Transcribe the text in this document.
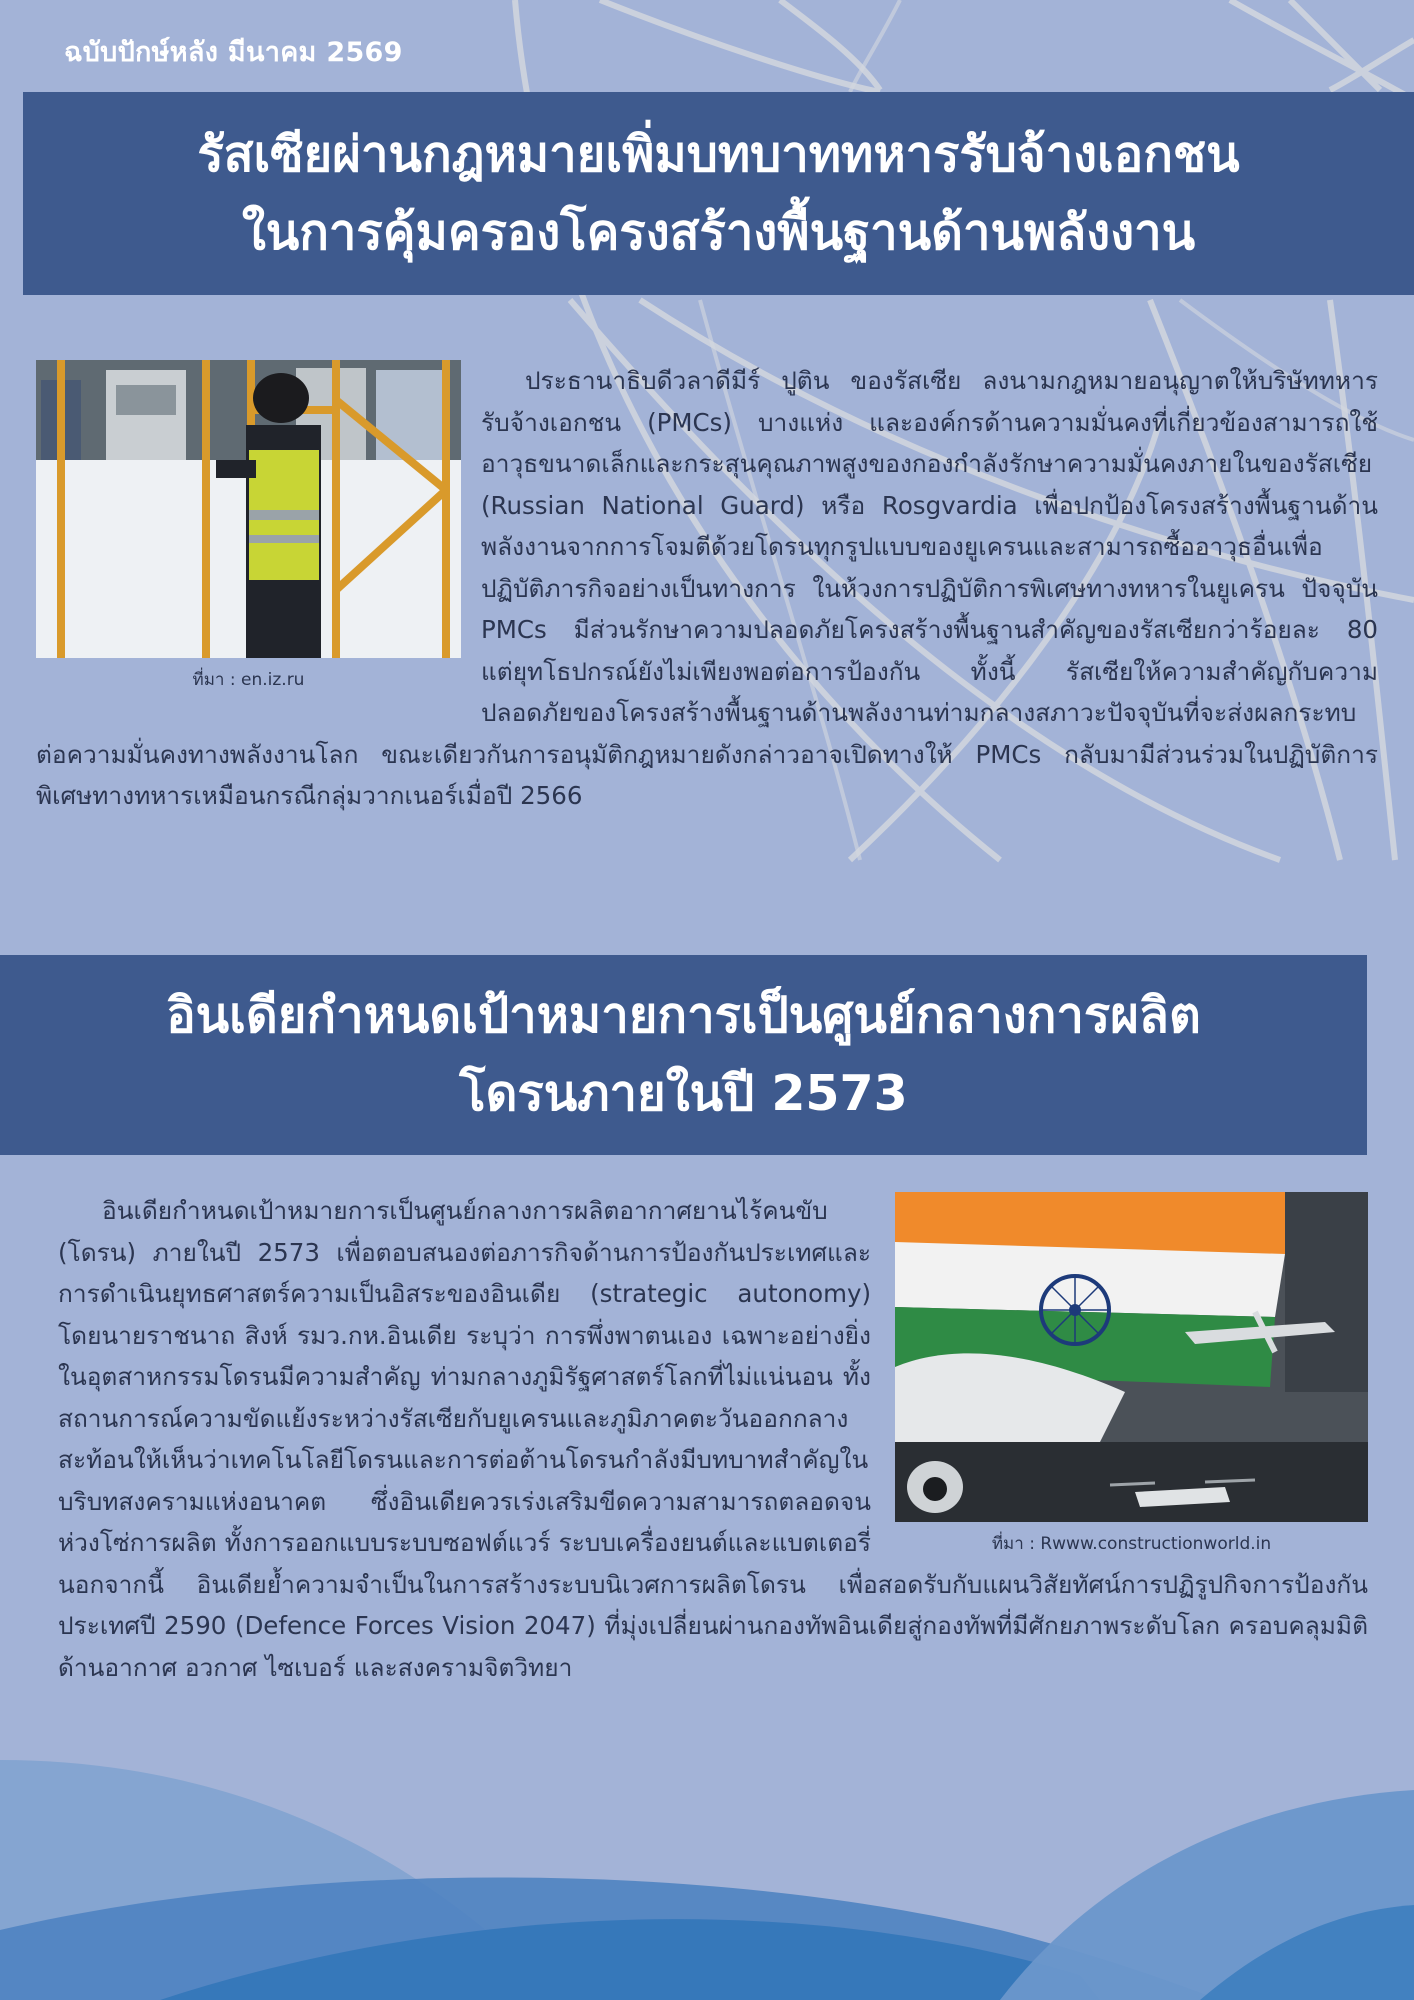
ฉบับปักษ์หลัง มีนาคม 2569
รัสเซียผ่านกฎหมายเพิ่มบทบาททหารรับจ้างเอกชน
ในการคุ้มครองโครงสร้างพื้นฐานด้านพลังงาน
ที่มา : en.iz.ru

ประธานาธิบดีวลาดีมีร์ ปูติน ของรัสเซีย ลงนามกฎหมายอนุญาตให้บริษัททหารรับจ้างเอกชน (PMCs) บางแห่ง และองค์กรด้านความมั่นคงที่เกี่ยวข้องสามารถใช้อาวุธขนาดเล็กและกระสุนคุณภาพสูงของกองกำลังรักษาความมั่นคงภายในของรัสเซีย (Russian National Guard) หรือ Rosgvardia เพื่อปกป้องโครงสร้างพื้นฐานด้านพลังงานจากการโจมตีด้วยโดรนทุกรูปแบบของยูเครนและสามารถซื้ออาวุธอื่นเพื่อปฏิบัติภารกิจอย่างเป็นทางการ ในห้วงการปฏิบัติการพิเศษทางทหารในยูเครน ปัจจุบัน PMCs มีส่วนรักษาความปลอดภัยโครงสร้างพื้นฐานสำคัญของรัสเซียกว่าร้อยละ 80 แต่ยุทโธปกรณ์ยังไม่เพียงพอต่อการป้องกัน ทั้งนี้ รัสเซียให้ความสำคัญกับความปลอดภัยของโครงสร้างพื้นฐานด้านพลังงานท่ามกลางสภาวะปัจจุบันที่จะส่งผลกระทบต่อความมั่นคงทางพลังงานโลก ขณะเดียวกันการอนุมัติกฎหมายดังกล่าวอาจเปิดทางให้ PMCs กลับมามีส่วนร่วมในปฏิบัติการพิเศษทางทหารเหมือนกรณีกลุ่มวากเนอร์เมื่อปี 2566

อินเดียกำหนดเป้าหมายการเป็นศูนย์กลางการผลิต
โดรนภายในปี 2573
ที่มา : Rwww.constructionworld.in

อินเดียกำหนดเป้าหมายการเป็นศูนย์กลางการผลิตอากาศยานไร้คนขับ (โดรน) ภายในปี 2573 เพื่อตอบสนองต่อภารกิจด้านการป้องกันประเทศและการดำเนินยุทธศาสตร์ความเป็นอิสระของอินเดีย (strategic autonomy) โดยนายราชนาถ สิงห์ รมว.กห.อินเดีย ระบุว่า การพึ่งพาตนเอง เฉพาะอย่างยิ่งในอุตสาหกรรมโดรนมีความสำคัญ ท่ามกลางภูมิรัฐศาสตร์โลกที่ไม่แน่นอน ทั้งสถานการณ์ความขัดแย้งระหว่างรัสเซียกับยูเครนและภูมิภาคตะวันออกกลาง สะท้อนให้เห็นว่าเทคโนโลยีโดรนและการต่อต้านโดรนกำลังมีบทบาทสำคัญในบริบทสงครามแห่งอนาคต ซึ่งอินเดียควรเร่งเสริมขีดความสามารถตลอดจนห่วงโซ่การผลิต ทั้งการออกแบบระบบซอฟต์แวร์ ระบบเครื่องยนต์และแบตเตอรี่ นอกจากนี้ อินเดียย้ำความจำเป็นในการสร้างระบบนิเวศการผลิตโดรน เพื่อสอดรับกับแผนวิสัยทัศน์การปฏิรูปกิจการป้องกันประเทศปี 2590 (Defence Forces Vision 2047) ที่มุ่งเปลี่ยนผ่านกองทัพอินเดียสู่กองทัพที่มีศักยภาพระดับโลก ครอบคลุมมิติด้านอากาศ อวกาศ ไซเบอร์ และสงครามจิตวิทยา
